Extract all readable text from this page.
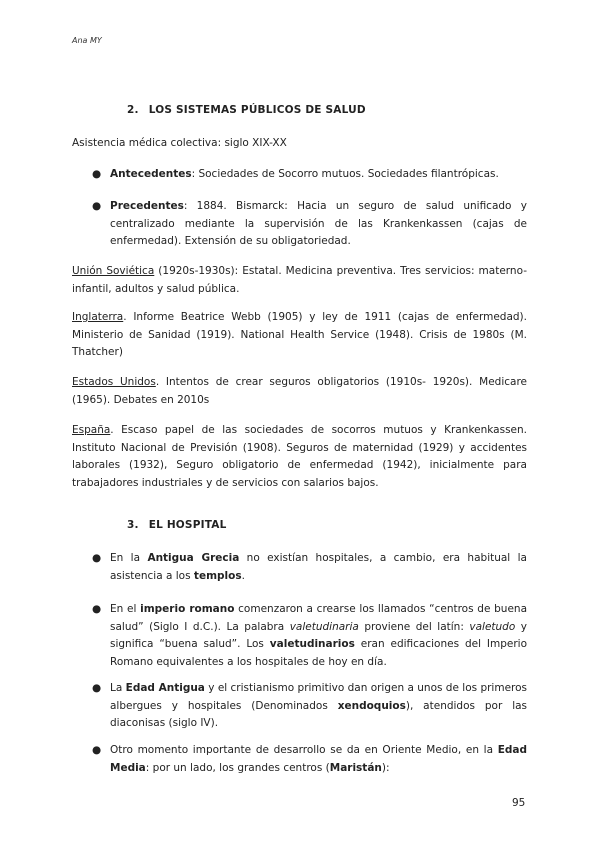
Ana MY
2. LOS SISTEMAS PÚBLICOS DE SALUD

Asistencia médica colectiva: siglo XIX-XX

● Antecedentes: Sociedades de Socorro mutuos. Sociedades filantrópicas.

● Precedentes: 1884. Bismarck: Hacia un seguro de salud unificado y centralizado mediante la supervisión de las Krankenkassen (cajas de enfermedad). Extensión de su obligatoriedad.

Unión Soviética (1920s-1930s): Estatal. Medicina preventiva. Tres servicios: materno-infantil, adultos y salud pública.

Inglaterra. Informe Beatrice Webb (1905) y ley de 1911 (cajas de enfermedad). Ministerio de Sanidad (1919). National Health Service (1948). Crisis de 1980s (M. Thatcher)

Estados Unidos. Intentos de crear seguros obligatorios (1910s- 1920s). Medicare (1965). Debates en 2010s

España. Escaso papel de las sociedades de socorros mutuos y Krankenkassen. Instituto Nacional de Previsión (1908). Seguros de maternidad (1929) y accidentes laborales (1932), Seguro obligatorio de enfermedad (1942), inicialmente para trabajadores industriales y de servicios con salarios bajos.

3. EL HOSPITAL
● En la Antigua Grecia no existían hospitales, a cambio, era habitual la asistencia a los templos.

● En el imperio romano comenzaron a crearse los llamados “centros de buena salud” (Siglo I d.C.). La palabra valetudinaria proviene del latín: valetudo y significa “buena salud”. Los valetudinarios eran edificaciones del Imperio Romano equivalentes a los hospitales de hoy en día.

● La Edad Antigua y el cristianismo primitivo dan origen a unos de los primeros albergues y hospitales (Denominados xendoquios), atendidos por las diaconisas (siglo IV).

● Otro momento importante de desarrollo se da en Oriente Medio, en la Edad Media: por un lado, los grandes centros (Maristán):

95
